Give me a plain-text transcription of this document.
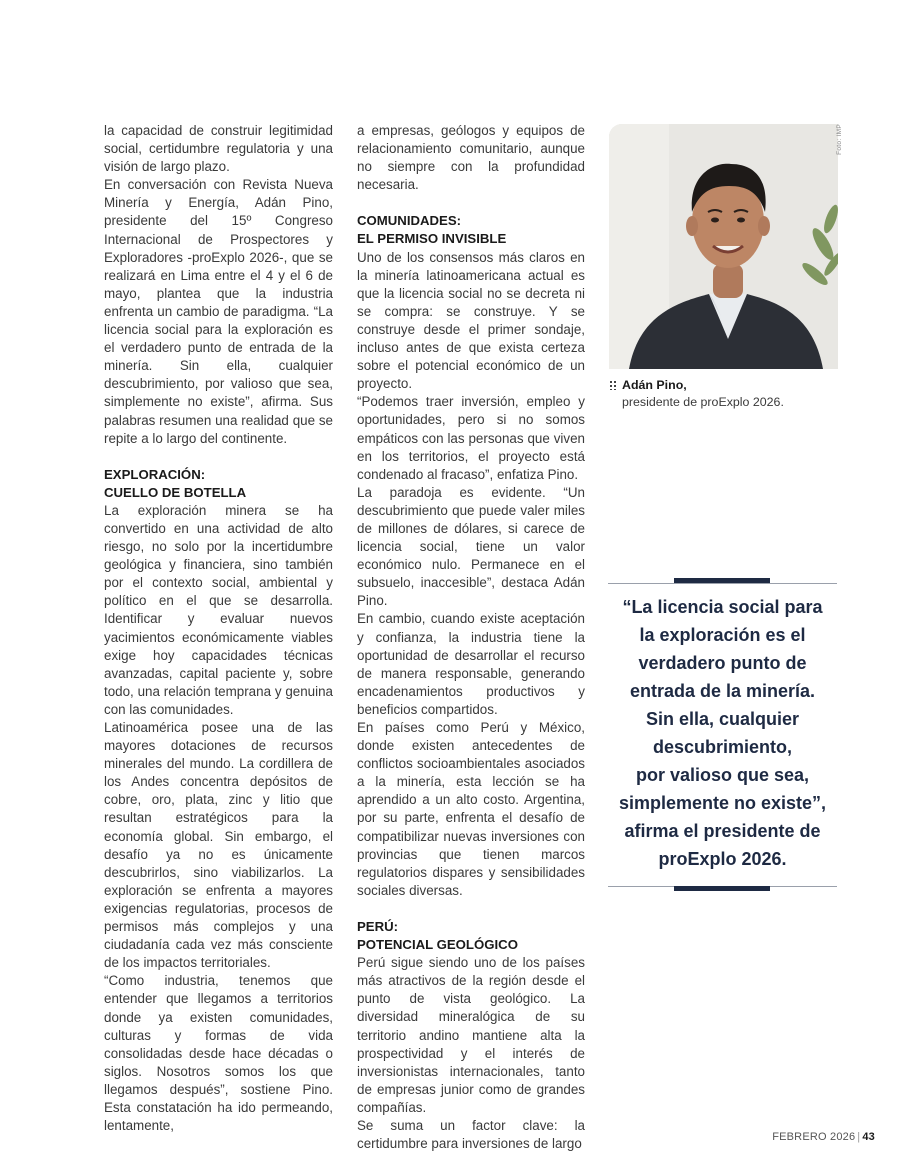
la capacidad de construir legitimidad social, certidumbre regulatoria y una visión de largo plazo.

En conversación con Revista Nueva Minería y Energía, Adán Pino, presidente del 15º Congreso Internacional de Prospectores y Exploradores -proExplo 2026-, que se realizará en Lima entre el 4 y el 6 de mayo, plantea que la industria enfrenta un cambio de paradigma. “La licencia social para la exploración es el verdadero punto de entrada de la minería. Sin ella, cualquier descubrimiento, por valioso que sea, simplemente no existe”, afirma. Sus palabras resumen una realidad que se repite a lo largo del continente.

EXPLORACIÓN:
CUELLO DE BOTELLA

La exploración minera se ha convertido en una actividad de alto riesgo, no solo por la incertidumbre geológica y financiera, sino también por el contexto social, ambiental y político en el que se desarrolla. Identificar y evaluar nuevos yacimientos económicamente viables exige hoy capacidades técnicas avanzadas, capital paciente y, sobre todo, una relación temprana y genuina con las comunidades.

Latinoamérica posee una de las mayores dotaciones de recursos minerales del mundo. La cordillera de los Andes concentra depósitos de cobre, oro, plata, zinc y litio que resultan estratégicos para la economía global. Sin embargo, el desafío ya no es únicamente descubrirlos, sino viabilizarlos. La exploración se enfrenta a mayores exigencias regulatorias, procesos de permisos más complejos y una ciudadanía cada vez más consciente de los impactos territoriales.

“Como industria, tenemos que entender que llegamos a territorios donde ya existen comunidades, culturas y formas de vida consolidadas desde hace décadas o siglos. Nosotros somos los que llegamos después”, sostiene Pino. Esta constatación ha ido permeando, lentamente,

a empresas, geólogos y equipos de relacionamiento comunitario, aunque no siempre con la profundidad necesaria.

COMUNIDADES:
EL PERMISO INVISIBLE

Uno de los consensos más claros en la minería latinoamericana actual es que la licencia social no se decreta ni se compra: se construye. Y se construye desde el primer sondaje, incluso antes de que exista certeza sobre el potencial económico de un proyecto.

“Podemos traer inversión, empleo y oportunidades, pero si no somos empáticos con las personas que viven en los territorios, el proyecto está condenado al fracaso”, enfatiza Pino.

La paradoja es evidente. “Un descubrimiento que puede valer miles de millones de dólares, si carece de licencia social, tiene un valor económico nulo. Permanece en el subsuelo, inaccesible”, destaca Adán Pino.

En cambio, cuando existe aceptación y confianza, la industria tiene la oportunidad de desarrollar el recurso de manera responsable, generando encadenamientos productivos y beneficios compartidos.

En países como Perú y México, donde existen antecedentes de conflictos socioambientales asociados a la minería, esta lección se ha aprendido a un alto costo. Argentina, por su parte, enfrenta el desafío de compatibilizar nuevas inversiones con provincias que tienen marcos regulatorios dispares y sensibilidades sociales diversas.

PERÚ:
POTENCIAL GEOLÓGICO

Perú sigue siendo uno de los países más atractivos de la región desde el punto de vista geológico. La diversidad mineralógica de su territorio andino mantiene alta la prospectividad y el interés de inversionistas internacionales, tanto de empresas junior como de grandes compañías.

Se suma un factor clave: la certidumbre para inversiones de largo

Foto: IMP
Adán Pino,
presidente de proExplo 2026.
“La licencia social para
la exploración es el
verdadero punto de
entrada de la minería.
Sin ella, cualquier
descubrimiento,
por valioso que sea,
simplemente no existe”,
afirma el presidente de
proExplo 2026.
FEBRERO 2026 | 43
